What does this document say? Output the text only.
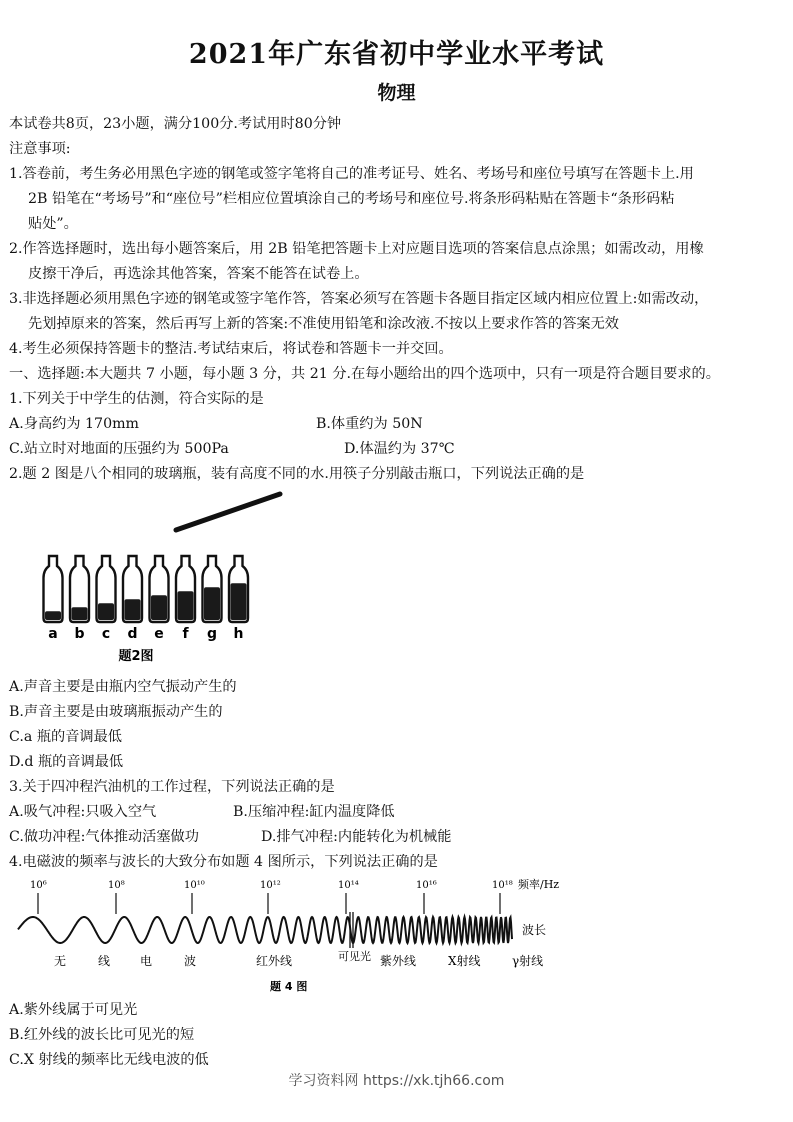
2021年广东省初中学业水平考试
物理
本试卷共8页，23小题，满分100分.考试用时80分钟
注意事项:
1.答卷前，考生务必用黑色字迹的钢笔或签字笔将自己的准考证号、姓名、考场号和座位号填写在答题卡上.用
2B 铅笔在“考场号”和“座位号”栏相应位置填涂自己的考场号和座位号.将条形码粘贴在答题卡“条形码粘
贴处”。
2.作答选择题时，选出每小题答案后，用 2B 铅笔把答题卡上对应题目选项的答案信息点涂黑；如需改动，用橡
皮擦干净后，再选涂其他答案，答案不能答在试卷上。
3.非选择题必须用黑色字迹的钢笔或签字笔作答，答案必须写在答题卡各题目指定区域内相应位置上:如需改动，
先划掉原来的答案，然后再写上新的答案:不准使用铅笔和涂改液.不按以上要求作答的答案无效
4.考生必须保持答题卡的整洁.考试结束后，将试卷和答题卡一并交回。
一、选择题:本大题共 7 小题，每小题 3 分，共 21 分.在每小题给出的四个选项中，只有一项是符合题目要求的。
1.下列关于中学生的估测，符合实际的是
A.身高约为 170mm	B.体重约为 50N
C.站立时对地面的压强约为 500Pa	D.体温约为 37℃
2.题 2 图是八个相同的玻璃瓶，装有高度不同的水.用筷子分别敲击瓶口，下列说法正确的是
a b c d e f g h
题2图
A.声音主要是由瓶内空气振动产生的
B.声音主要是由玻璃瓶振动产生的
C.a 瓶的音调最低
D.d 瓶的音调最低
3.关于四冲程汽油机的工作过程，下列说法正确的是
A.吸气冲程:只吸入空气	B.压缩冲程:缸内温度降低
C.做功冲程:气体推动活塞做功	D.排气冲程:内能转化为机械能
4.电磁波的频率与波长的大致分布如题 4 图所示，下列说法正确的是
10⁶	10⁸	10¹⁰	10¹²	10¹⁴	10¹⁶	10¹⁸ 频率/Hz
波长
无	线 电	波	红外线	可见光 紫外线	X射线	γ射线
题 4 图
A.紫外线属于可见光
B.红外线的波长比可见光的短
C.X 射线的频率比无线电波的低
学习资料网 https://xk.tjh66.com
